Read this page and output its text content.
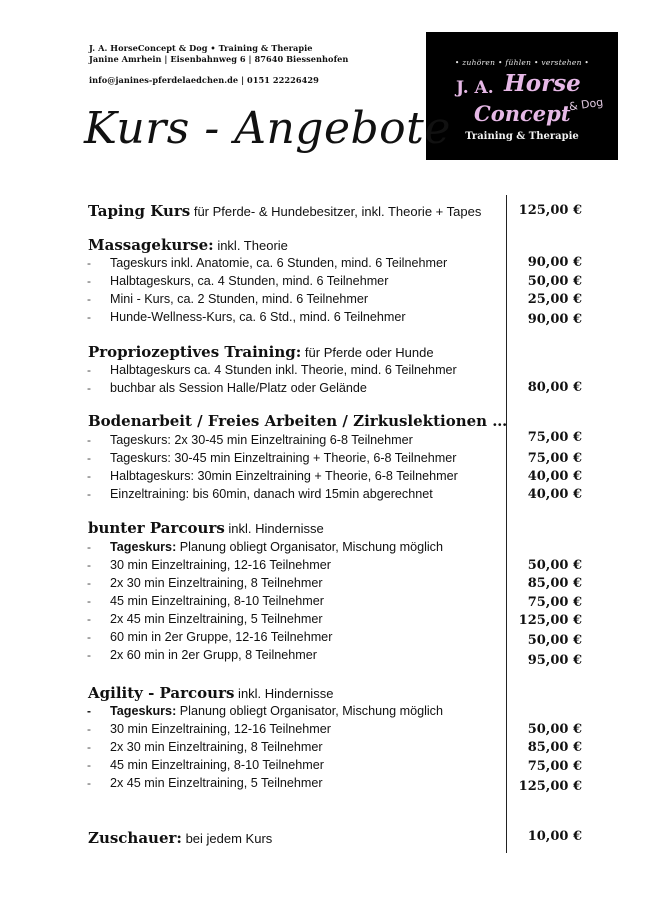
J. A. HorseConcept & Dog • Training & Therapie
Janine Amrhein | Eisenbahnweg 6 | 87640 Biessenhofen
info@janines-pferdelaedchen.de | 0151 22226429
• zuhören • fühlen • verstehen •
J. A. Horse
Concept
& Dog
Training & Therapie
Kurs - Angebote
Taping Kurs für Pferde- & Hundebesitzer, inkl. Theorie + Tapes	125,00 €
Massagekurse: inkl. Theorie
- Tageskurs inkl. Anatomie, ca. 6 Stunden, mind. 6 Teilnehmer	90,00 €
- Halbtageskurs, ca. 4 Stunden, mind. 6 Teilnehmer	50,00 €
- Mini - Kurs, ca. 2 Stunden, mind. 6 Teilnehmer	25,00 €
- Hunde-Wellness-Kurs, ca. 6 Std., mind. 6 Teilnehmer	90,00 €
Propriozeptives Training: für Pferde oder Hunde
- Halbtageskurs ca. 4 Stunden inkl. Theorie, mind. 6 Teilnehmer
- buchbar als Session Halle/Platz oder Gelände	80,00 €
Bodenarbeit / Freies Arbeiten / Zirkuslektionen …
- Tageskurs: 2x 30-45 min Einzeltraining 6-8 Teilnehmer	75,00 €
- Tageskurs: 30-45 min Einzeltraining + Theorie, 6-8 Teilnehmer	75,00 €
- Halbtageskurs: 30min Einzeltraining + Theorie, 6-8 Teilnehmer	40,00 €
- Einzeltraining: bis 60min, danach wird 15min abgerechnet	40,00 €
bunter Parcours inkl. Hindernisse
- Tageskurs: Planung obliegt Organisator, Mischung möglich
- 30 min Einzeltraining, 12-16 Teilnehmer	50,00 €
- 2x 30 min Einzeltraining, 8 Teilnehmer	85,00 €
- 45 min Einzeltraining, 8-10 Teilnehmer	75,00 €
- 2x 45 min Einzeltraining, 5 Teilnehmer	125,00 €
- 60 min in 2er Gruppe, 12-16 Teilnehmer	50,00 €
- 2x 60 min in 2er Grupp, 8 Teilnehmer	95,00 €
Agility - Parcours inkl. Hindernisse
- Tageskurs: Planung obliegt Organisator, Mischung möglich
- 30 min Einzeltraining, 12-16 Teilnehmer	50,00 €
- 2x 30 min Einzeltraining, 8 Teilnehmer	85,00 €
- 45 min Einzeltraining, 8-10 Teilnehmer	75,00 €
- 2x 45 min Einzeltraining, 5 Teilnehmer	125,00 €
Zuschauer: bei jedem Kurs	10,00 €
